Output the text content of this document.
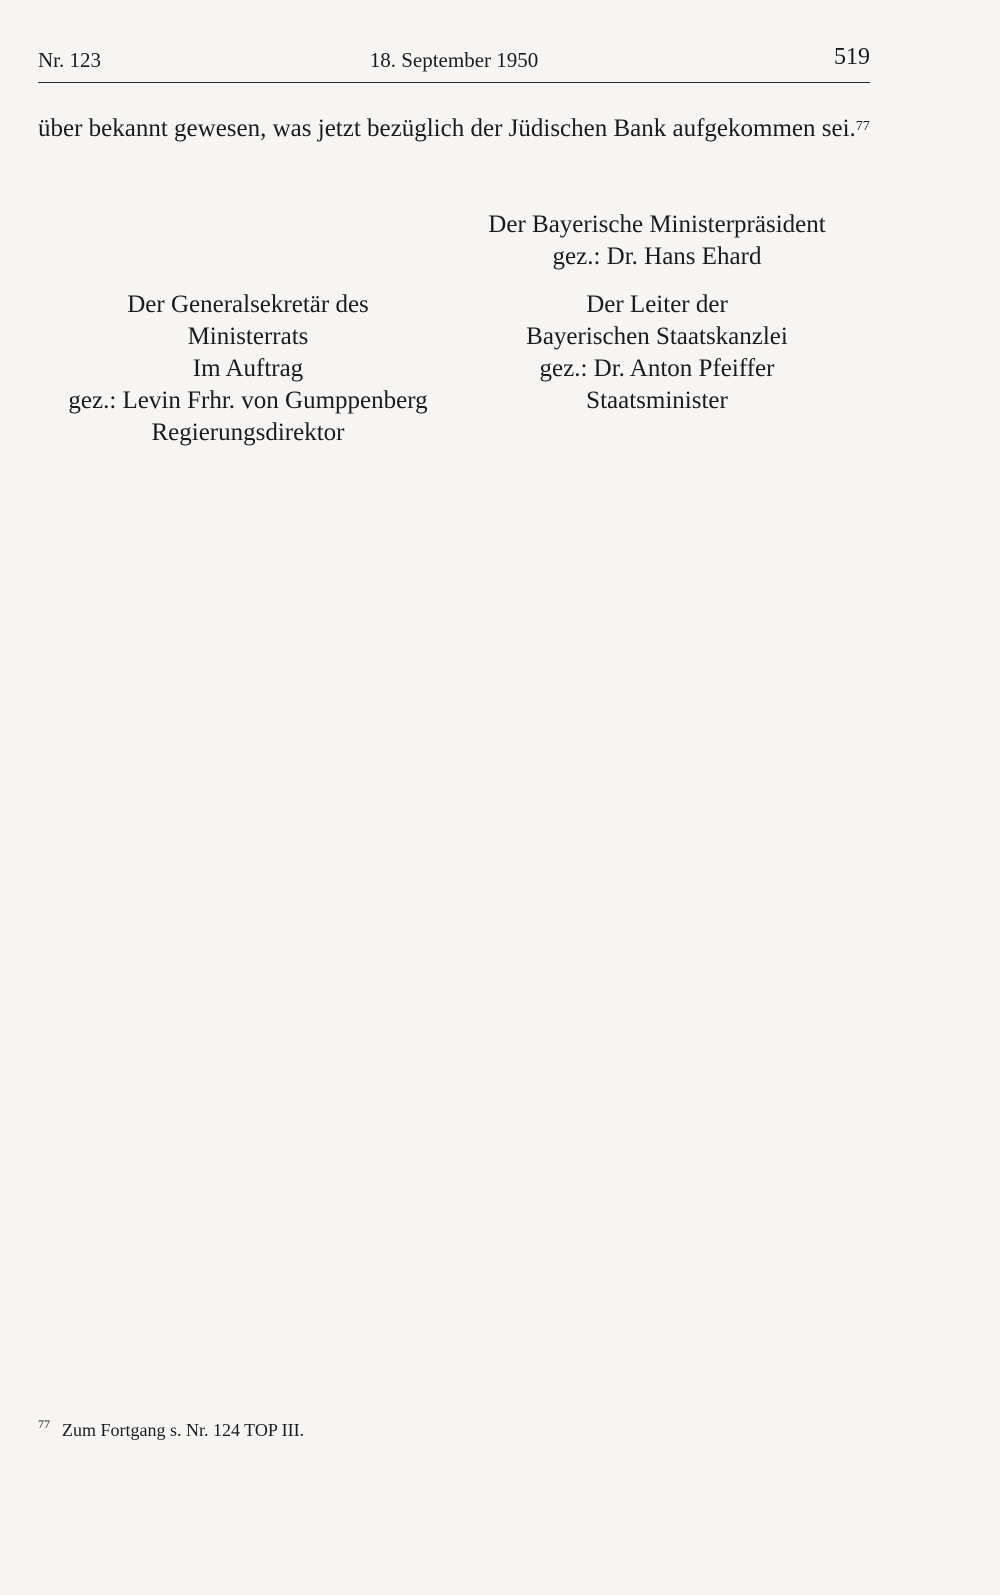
Nr. 123	18. September 1950	519
über bekannt gewesen, was jetzt bezüglich der Jüdischen Bank aufgekommen sei.$^{77}$
Der Bayerische Ministerpräsident
gez.: Dr. Hans Ehard
Der Leiter der
Bayerischen Staatskanzlei
gez.: Dr. Anton Pfeiffer
Staatsminister
Der Generalsekretär des
Ministerrats
Im Auftrag
gez.: Levin Frhr. von Gumppenberg
Regierungsdirektor
$^{77}$ Zum Fortgang s. Nr. 124 TOP III.
